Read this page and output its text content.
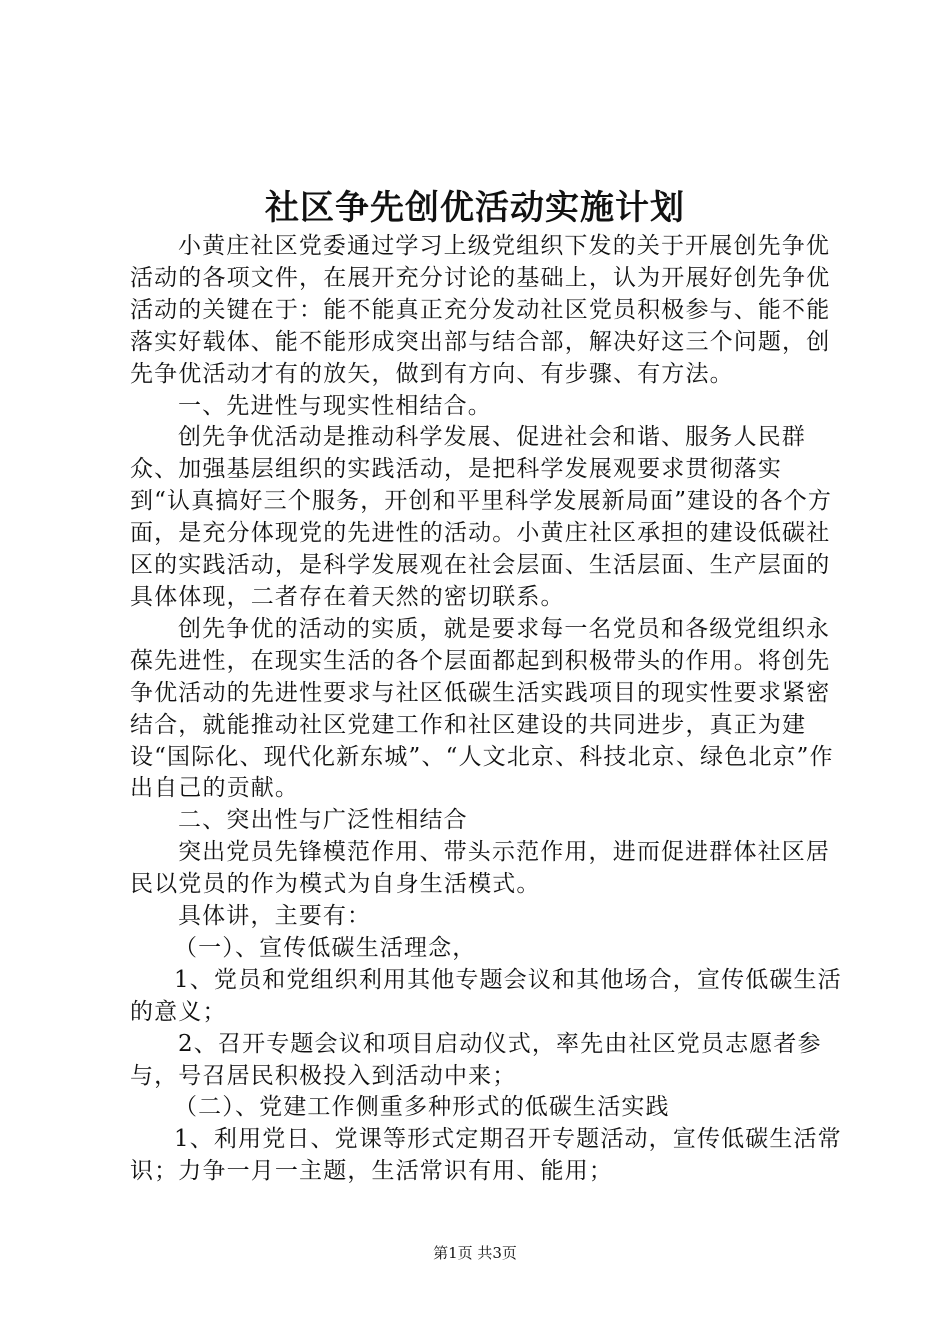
社区争先创优活动实施计划

小黄庄社区党委通过学习上级党组织下发的关于开展创先争优活动的各项文件，在展开充分讨论的基础上，认为开展好创先争优活动的关键在于：能不能真正充分发动社区党员积极参与、能不能落实好载体、能不能形成突出部与结合部，解决好这三个问题，创先争优活动才有的放矢，做到有方向、有步骤、有方法。

一、先进性与现实性相结合。

创先争优活动是推动科学发展、促进社会和谐、服务人民群众、加强基层组织的实践活动，是把科学发展观要求贯彻落实到“认真搞好三个服务，开创和平里科学发展新局面”建设的各个方面，是充分体现党的先进性的活动。小黄庄社区承担的建设低碳社区的实践活动，是科学发展观在社会层面、生活层面、生产层面的具体体现，二者存在着天然的密切联系。

创先争优的活动的实质，就是要求每一名党员和各级党组织永葆先进性，在现实生活的各个层面都起到积极带头的作用。将创先争优活动的先进性要求与社区低碳生活实践项目的现实性要求紧密结合，就能推动社区党建工作和社区建设的共同进步，真正为建设“国际化、现代化新东城”、“人文北京、科技北京、绿色北京”作出自己的贡献。

二、突出性与广泛性相结合

突出党员先锋模范作用、带头示范作用，进而促进群体社区居民以党员的作为模式为自身生活模式。

具体讲，主要有：

（一）、宣传低碳生活理念，

1、党员和党组织利用其他专题会议和其他场合，宣传低碳生活的意义；

2、召开专题会议和项目启动仪式，率先由社区党员志愿者参与，号召居民积极投入到活动中来；

（二）、党建工作侧重多种形式的低碳生活实践

1、利用党日、党课等形式定期召开专题活动，宣传低碳生活常识；力争一月一主题，生活常识有用、能用；

第1页 共3页
